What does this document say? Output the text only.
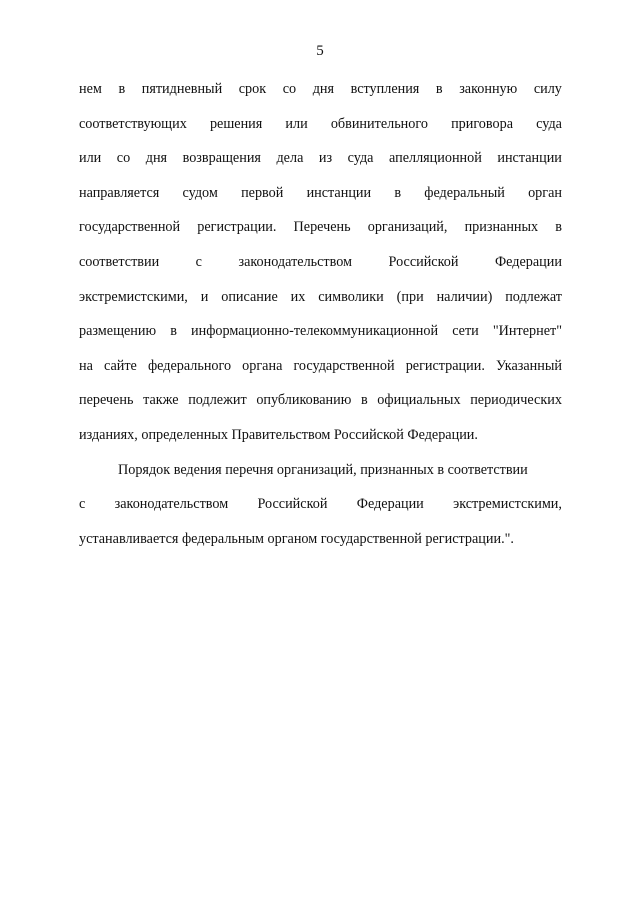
5
нем в пятидневный срок со дня вступления в законную силу
соответствующих решения или обвинительного приговора суда
или со дня возвращения дела из суда апелляционной инстанции
направляется судом первой инстанции в федеральный орган
государственной регистрации. Перечень организаций, признанных в
соответствии	с	законодательством	Российской	Федерации
экстремистскими, и описание их символики (при наличии) подлежат
размещению в информационно-телекоммуникационной сети "Интернет"
на сайте федерального органа государственной регистрации. Указанный
перечень также подлежит опубликованию в официальных периодических
изданиях, определенных Правительством Российской Федерации.
Порядок ведения перечня организаций, признанных в соответствии
с законодательством Российской Федерации экстремистскими,
устанавливается федеральным органом государственной регистрации.".
